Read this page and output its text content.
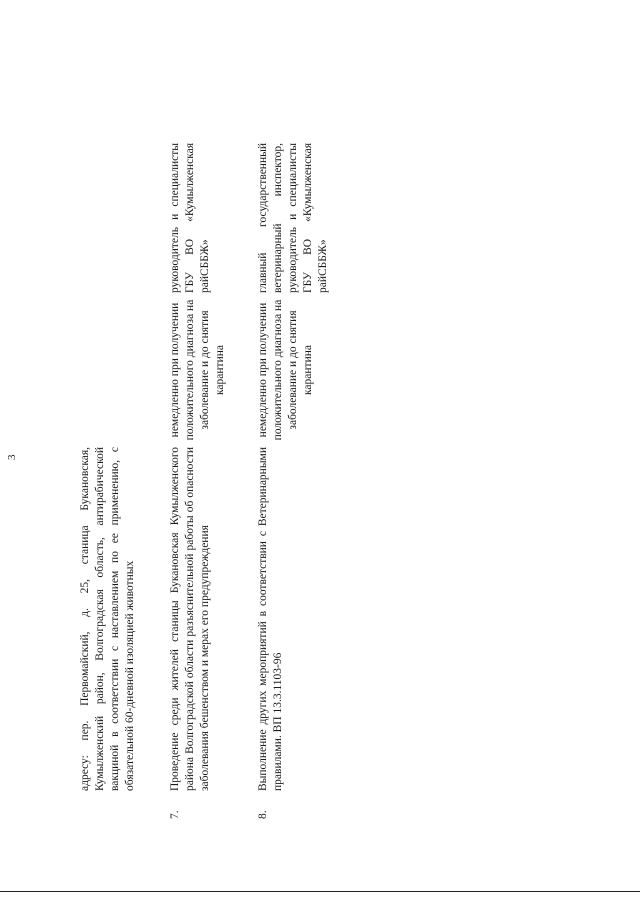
3	адресу: пер. Первомайский, д. 25, станица Букановская, Кумылженский район, Волгоградская область, антирабической вакциной в соответствии с наставлением по ее применению, с обязательной 60-дневной изоляцией животных
7.
Проведение среди жителей станицы Букановская Кумылженского района Волгоградской области разъяснительной работы об опасности заболевания бешенством и мерах его предупреждения
немедленно при получении положительного диагноза на заболевание и до снятия карантина
руководитель и специалисты ГБУ ВО «Кумылженская райСББЖ»
8.
Выполнение других мероприятий в соответствии с Ветеринарными правилами. ВП 13.3.1103-96
немедленно при получении положительного диагноза на заболевание и до снятия карантина
главный государственный ветеринарный инспектор, руководитель и специалисты ГБУ ВО «Кумылженская райСББЖ»
